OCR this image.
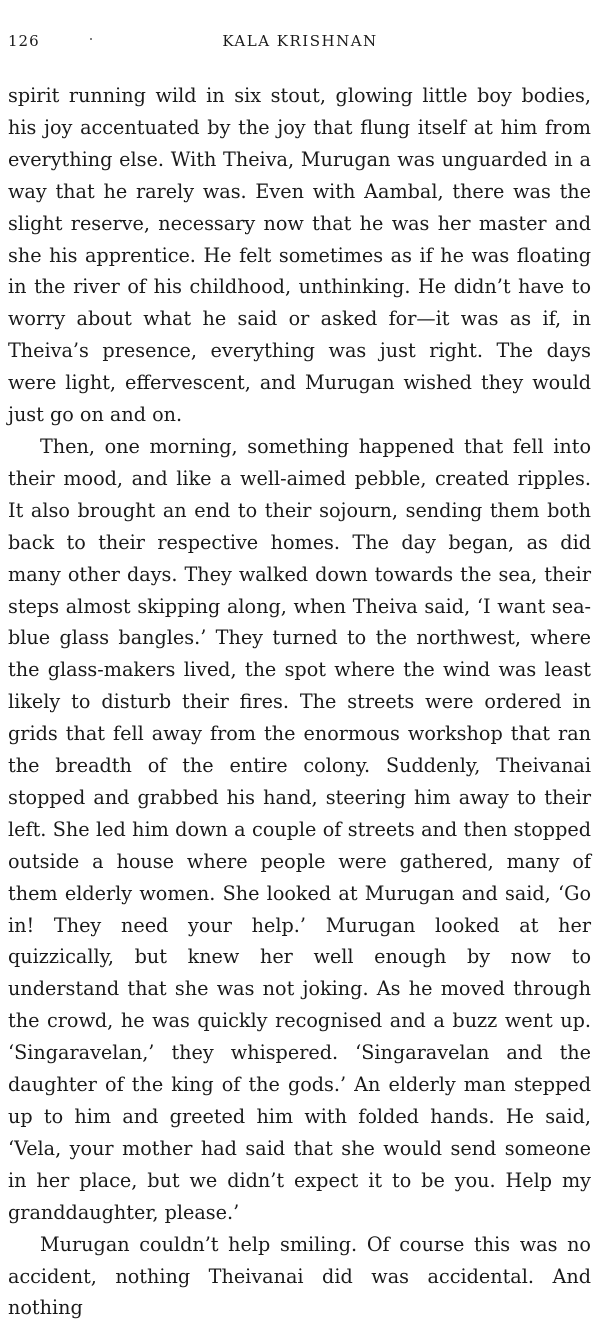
126	KALA KRISHNAN

spirit running wild in six stout, glowing little boy bodies, his joy accentuated by the joy that flung itself at him from everything else. With Theiva, Murugan was unguarded in a way that he rarely was. Even with Aambal, there was the slight reserve, necessary now that he was her master and she his apprentice. He felt sometimes as if he was floating in the river of his childhood, unthinking. He didn’t have to worry about what he said or asked for—it was as if, in Theiva’s presence, everything was just right. The days were light, effervescent, and Murugan wished they would just go on and on.

Then, one morning, something happened that fell into their mood, and like a well-aimed pebble, created ripples. It also brought an end to their sojourn, sending them both back to their respective homes. The day began, as did many other days. They walked down towards the sea, their steps almost skipping along, when Theiva said, ‘I want sea-blue glass bangles.’ They turned to the northwest, where the glass-makers lived, the spot where the wind was least likely to disturb their fires. The streets were ordered in grids that fell away from the enormous workshop that ran the breadth of the entire colony. Suddenly, Theivanai stopped and grabbed his hand, steering him away to their left. She led him down a couple of streets and then stopped outside a house where people were gathered, many of them elderly women. She looked at Murugan and said, ‘Go in! They need your help.’ Murugan looked at her quizzically, but knew her well enough by now to understand that she was not joking. As he moved through the crowd, he was quickly recognised and a buzz went up. ‘Singaravelan,’ they whispered. ‘Singaravelan and the daughter of the king of the gods.’ An elderly man stepped up to him and greeted him with folded hands. He said, ‘Vela, your mother had said that she would send someone in her place, but we didn’t expect it to be you. Help my granddaughter, please.’

Murugan couldn’t help smiling. Of course this was no accident, nothing Theivanai did was accidental. And nothing
